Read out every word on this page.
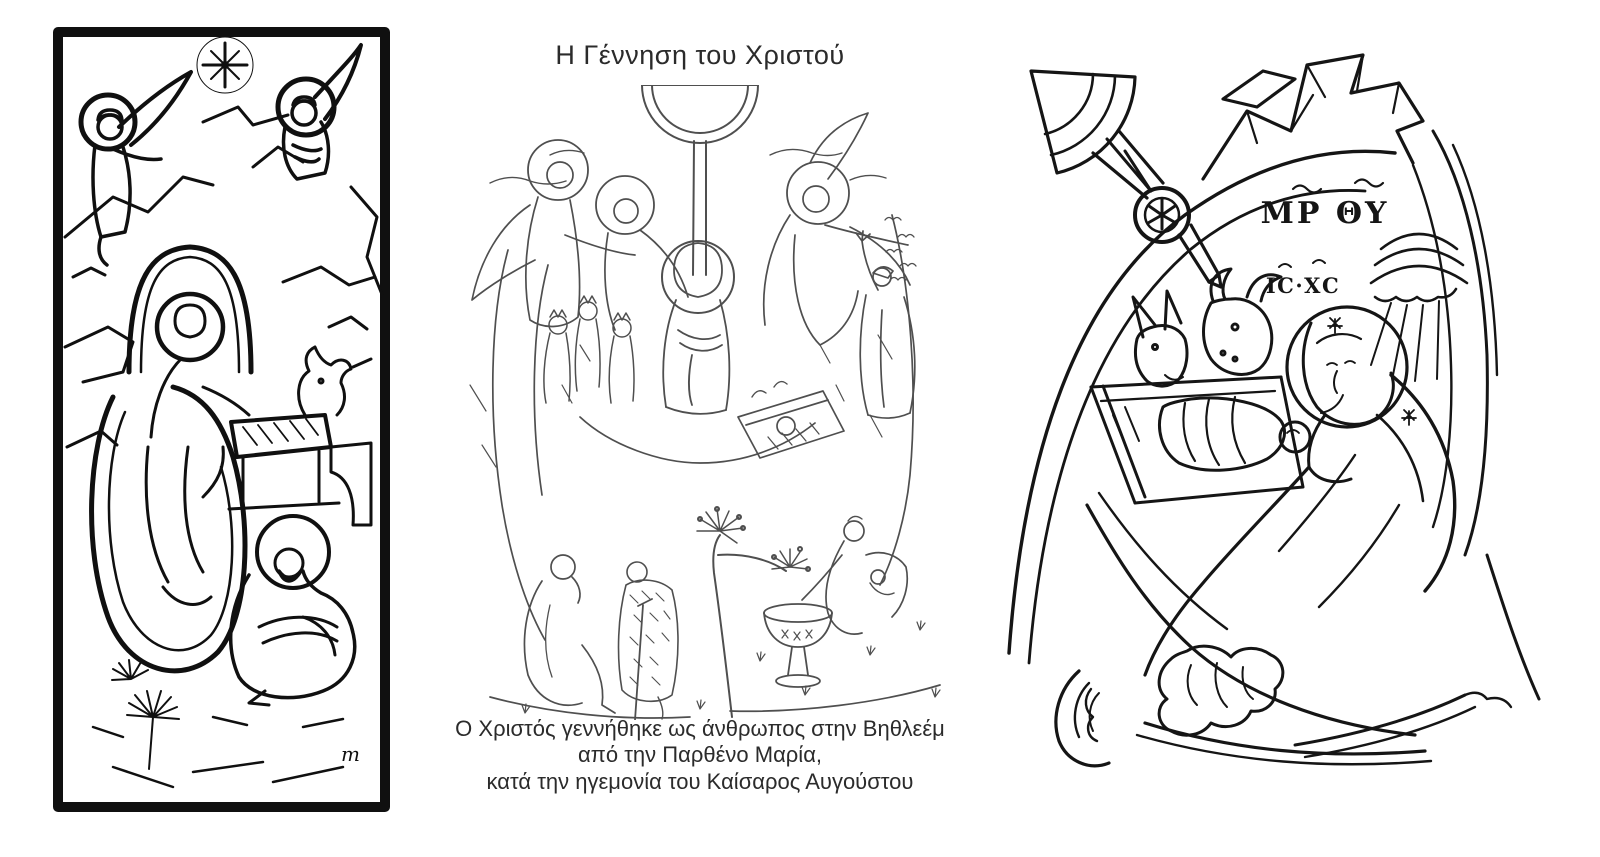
m
Η Γέννηση του Χριστού
Ο Χριστός γεννήθηκε ως άνθρωπος στην Βηθλεέμ
από την Παρθένο Μαρία,
κατά την ηγεμονία του Καίσαρος Αυγούστου
ΜΡ ΘΥ
ΙC·ΧC
